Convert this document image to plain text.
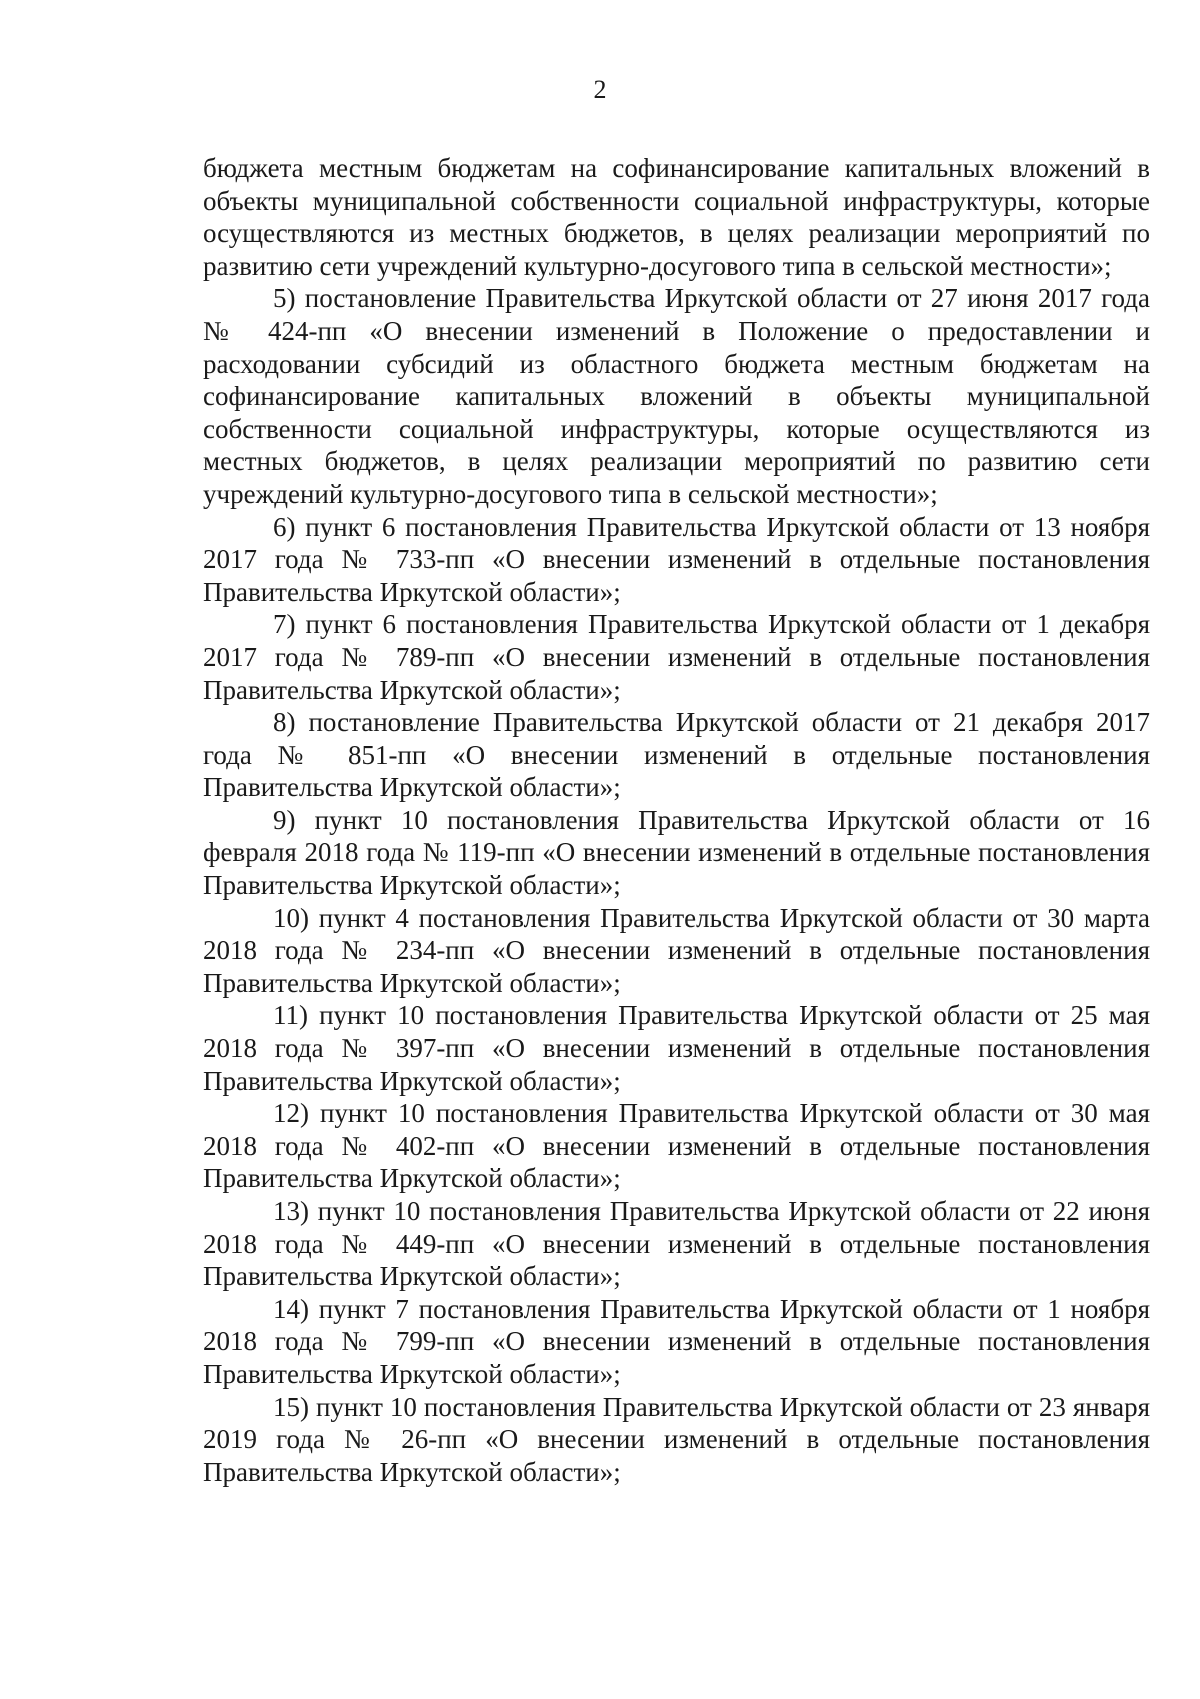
2

бюджета местным бюджетам на софинансирование капитальных вложений в объекты муниципальной собственности социальной инфраструктуры, которые осуществляются из местных бюджетов, в целях реализации мероприятий по развитию сети учреждений культурно-досугового типа в сельской местности»;

5) постановление Правительства Иркутской области от 27 июня 2017 года № 424-пп «О внесении изменений в Положение о предоставлении и расходовании субсидий из областного бюджета местным бюджетам на софинансирование капитальных вложений в объекты муниципальной собственности социальной инфраструктуры, которые осуществляются из местных бюджетов, в целях реализации мероприятий по развитию сети учреждений культурно-досугового типа в сельской местности»;

6) пункт 6 постановления Правительства Иркутской области от 13 ноября 2017 года № 733-пп «О внесении изменений в отдельные постановления Правительства Иркутской области»;

7) пункт 6 постановления Правительства Иркутской области от 1 декабря 2017 года № 789-пп «О внесении изменений в отдельные постановления Правительства Иркутской области»;

8) постановление Правительства Иркутской области от 21 декабря 2017 года № 851-пп «О внесении изменений в отдельные постановления Правительства Иркутской области»;

9) пункт 10 постановления Правительства Иркутской области от 16 февраля 2018 года № 119-пп «О внесении изменений в отдельные постановления Правительства Иркутской области»;

10) пункт 4 постановления Правительства Иркутской области от 30 марта 2018 года № 234-пп «О внесении изменений в отдельные постановления Правительства Иркутской области»;

11) пункт 10 постановления Правительства Иркутской области от 25 мая 2018 года № 397-пп «О внесении изменений в отдельные постановления Правительства Иркутской области»;

12) пункт 10 постановления Правительства Иркутской области от 30 мая 2018 года № 402-пп «О внесении изменений в отдельные постановления Правительства Иркутской области»;

13) пункт 10 постановления Правительства Иркутской области от 22 июня 2018 года № 449-пп «О внесении изменений в отдельные постановления Правительства Иркутской области»;

14) пункт 7 постановления Правительства Иркутской области от 1 ноября 2018 года № 799-пп «О внесении изменений в отдельные постановления Правительства Иркутской области»;

15) пункт 10 постановления Правительства Иркутской области от 23 января 2019 года № 26-пп «О внесении изменений в отдельные постановления Правительства Иркутской области»;
